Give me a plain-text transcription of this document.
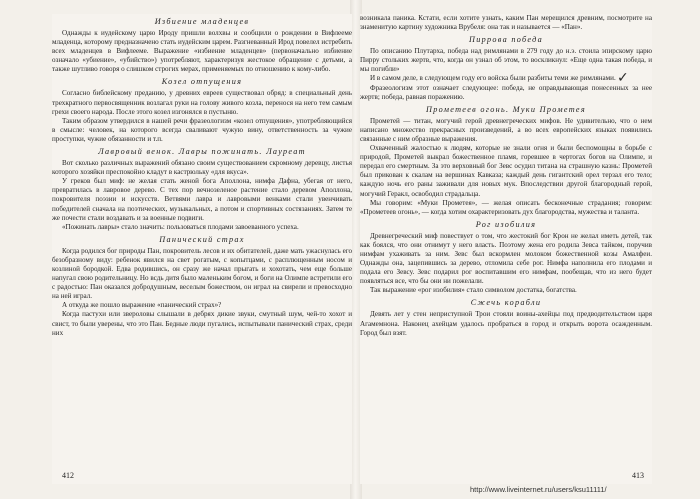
Избиение младенцев

Однажды к иудейскому царю Ироду пришли волхвы и сообщили о рождении в Вифлееме младенца, которому предназначено стать иудейским царем. Разгневанный Ирод повелел истребить всех младенцев в Вифлееме. Выражение «избиение младенцев» (первоначально избиение означало «убиение», «убийство») употребляют, характеризуя жестокое обращение с детьми, а также шутливо говоря о слишком строгих мерах, применяемых по отношению к кому-либо.

Козел отпущения

Согласно библейскому преданию, у древних евреев существовал обряд: в специальный день трехкратного первосвященник возлагал руки на голову живого козла, перенося на него тем самым грехи своего народа. После этого козел изгонялся в пустыню.

Таким образом утвердился в нашей речи фразеологизм «козел отпущения», употребляющийся в смысле: человек, на которого всегда сваливают чужую вину, ответственность за чужие проступки, чужие обязанности и т.п.

Лавровый венок. Лавры пожинать. Лауреат

Вот сколько различных выражений обязано своим существованием скромному деревцу, листья которого хозяйки преспокойно кладут в кастрюльку «для вкуса».

У греков был миф: не желая стать женой бога Аполлона, нимфа Дафна, убегая от него, превратилась в лавровое дерево. С тех пор вечнозеленое растение стало деревом Аполлона, покровителя поэзии и искусств. Ветвями лавра и лавровыми венками стали увенчивать победителей сначала на поэтических, музыкальных, а потом и спортивных состязаниях. Затем те же почести стали воздавать и за военные подвиги.

«Пожинать лавры» стало значить: пользоваться плодами завоеванного успеха.

Панический страх

Когда родился бог природы Пан, покровитель лесов и их обитателей, даже мать ужаснулась его безобразному виду: ребенок явился на свет рогатым, с копытцами, с расплющенным носом и козлиной бородкой. Едва родившись, он сразу же начал прыгать и хохотать, чем еще больше напугал свою родительницу. Но всдь дитя было маленьким богом, и боги на Олимпе встретили его с радостью: Пан оказался добродушным, веселым божеством, он играл на свирели и превосходно на ней играл.

А откуда же пошло выражение «панический страх»?

Когда пастухи или звероловы слышали в дебрях дикие звуки, смутный шум, чей-то хохот и свист, то были уверены, что это Пан. Бедные люди пугались, испытывали панический страх, среди них

412

возникала паника. Кстати, если хотите узнать, каким Пан мерещился древним, посмотрите на знаменитую картину художника Врубеля: она так и называется — «Пан».

Пиррова победа

По описанию Плутарха, победа над римлянами в 279 году до н.э. стоила эпирскому царю Пирру стольких жертв, что, когда он узнал об этом, то воскликнул: «Еще одна такая победа, и мы погибли»

И в самом деле, в следующем году его войска были разбиты теми же римлянами.

Фразеологизм этот означает следующее: победа, не оправдывающая понесенных за нее жертв; победа, равная поражению.

Прометеев огонь. Муки Прометея

Прометей — титан, могучий герой древнегреческих мифов. Не удивительно, что о нем написано множество прекрасных произведений, а во всех европейских языках появились связанные с ним образные выражения.

Охваченный жалостью к людям, которые не знали огня и были беспомощны в борьбе с природой, Прометей выкрал божественное пламя, горевшее в чертогах богов на Олимпе, и передал его смертным. За это верховный бог Зевс осудил титана на страшную казнь: Прометей был прикован к скалам на вершинах Кавказа; каждый день гигантский орел терзал его тело; каждую ночь его раны заживали для новых мук. Впоследствии другой благородный герой, могучий Геракл, освободил страдальца.

Мы говорим: «Муки Прометея», — желая описать бесконечные страдания; говорим: «Прометеев огонь», — когда хотим охарактеризовать дух благородства, мужества и таланта.

Рог изобилия

Древнегреческий миф повествует о том, что жестокий бог Крон не желал иметь детей, так как боялся, что они отнимут у него власть. Поэтому жена его родила Зевса тайком, поручив нимфам ухаживать за ним. Зевс был вскормлен молоком божественной козы Амалфеи. Однажды она, зацепившись за дерево, отломила себе рог. Нимфа наполнила его плодами и подала его Зевсу. Зевс подарил рог воспитавшим его нимфам, пообещав, что из него будет появляться все, что бы они ни пожелали.

Так выражение «рог изобилия» стало символом достатка, богатства.

Сжечь корабли

Девять лет у стен неприступной Трои стояли воины-ахейцы под предводительством царя Агамемнона. Наконец ахейцам удалось пробраться в город и открыть ворота осажденным. Город был взят.

413
✓
http://www.liveinternet.ru/users/ksu11111/
